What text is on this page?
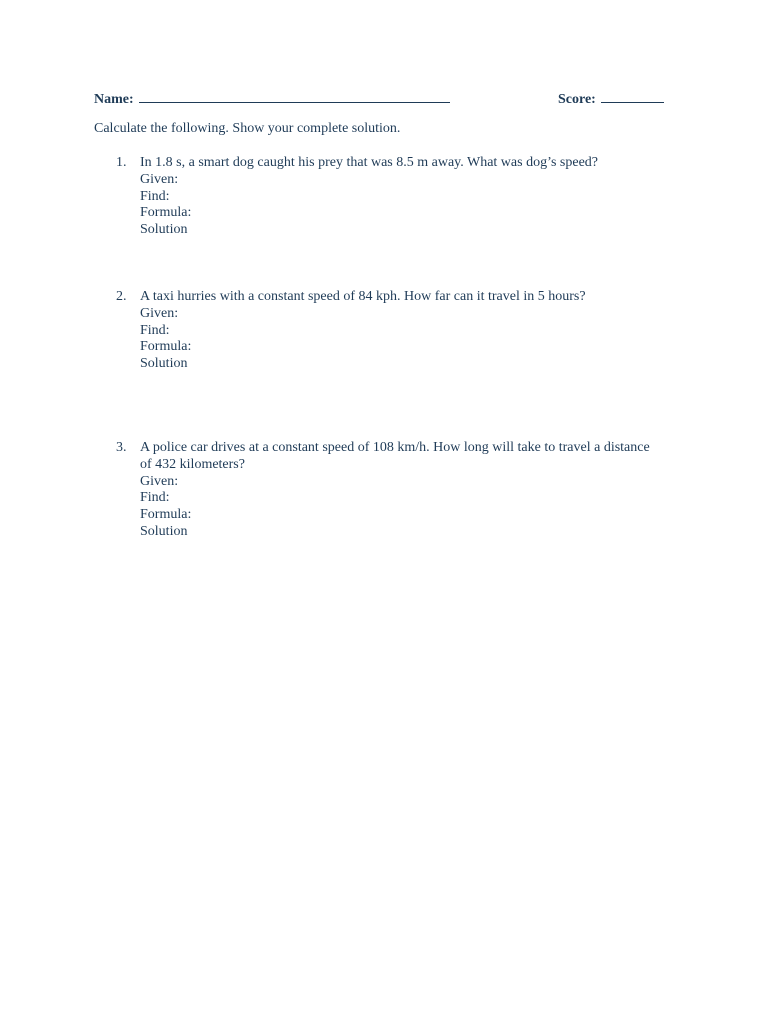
Name:	Score:
Calculate the following. Show your complete solution.
1. In 1.8 s, a smart dog caught his prey that was 8.5 m away. What was dog’s speed?
Given:
Find:
Formula:
Solution
2. A taxi hurries with a constant speed of 84 kph. How far can it travel in 5 hours?
Given:
Find:
Formula:
Solution
3. A police car drives at a constant speed of 108 km/h. How long will take to travel a distance of 432 kilometers?
Given:
Find:
Formula:
Solution
